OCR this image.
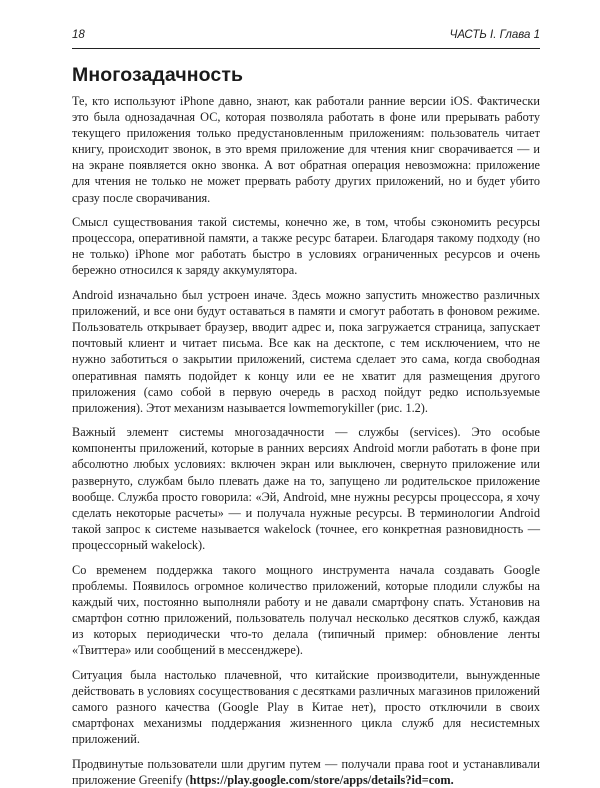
18	ЧАСТЬ I. Глава 1
Многозадачность

Те, кто используют iPhone давно, знают, как работали ранние версии iOS. Фактически это была однозадачная ОС, которая позволяла работать в фоне или прерывать работу текущего приложения только предустановленным приложениям: пользователь читает книгу, происходит звонок, в это время приложение для чтения книг сворачивается — и на экране появляется окно звонка. А вот обратная операция невозможна: приложение для чтения не только не может прервать работу других приложений, но и будет убито сразу после сворачивания.

Смысл существования такой системы, конечно же, в том, чтобы сэкономить ресурсы процессора, оперативной памяти, а также ресурс батареи. Благодаря такому подходу (но не только) iPhone мог работать быстро в условиях ограниченных ресурсов и очень бережно относился к заряду аккумулятора.

Android изначально был устроен иначе. Здесь можно запустить множество различных приложений, и все они будут оставаться в памяти и смогут работать в фоновом режиме. Пользователь открывает браузер, вводит адрес и, пока загружается страница, запускает почтовый клиент и читает письма. Все как на десктопе, с тем исключением, что не нужно заботиться о закрытии приложений, система сделает это сама, когда свободная оперативная память подойдет к концу или ее не хватит для размещения другого приложения (само собой в первую очередь в расход пойдут редко используемые приложения). Этот механизм называется lowmemorykiller (рис. 1.2).

Важный элемент системы многозадачности — службы (services). Это особые компоненты приложений, которые в ранних версиях Android могли работать в фоне при абсолютно любых условиях: включен экран или выключен, свернуто приложение или развернуто, службам было плевать даже на то, запущено ли родительское приложение вообще. Служба просто говорила: «Эй, Android, мне нужны ресурсы процессора, я хочу сделать некоторые расчеты» — и получала нужные ресурсы. В терминологии Android такой запрос к системе называется wakelock (точнее, его конкретная разновидность — процессорный wakelock).

Со временем поддержка такого мощного инструмента начала создавать Google проблемы. Появилось огромное количество приложений, которые плодили службы на каждый чих, постоянно выполняли работу и не давали смартфону спать. Установив на смартфон сотню приложений, пользователь получал несколько десятков служб, каждая из которых периодически что-то делала (типичный пример: обновление ленты «Твиттера» или сообщений в мессенджере).

Ситуация была настолько плачевной, что китайские производители, вынужденные действовать в условиях сосуществования с десятками различных магазинов приложений самого разного качества (Google Play в Китае нет), просто отключили в своих смартфонах механизмы поддержания жизненного цикла служб для несистемных приложений.

Продвинутые пользователи шли другим путем — получали права root и устанавливали приложение Greenify (https://play.google.com/store/apps/details?id=com.
